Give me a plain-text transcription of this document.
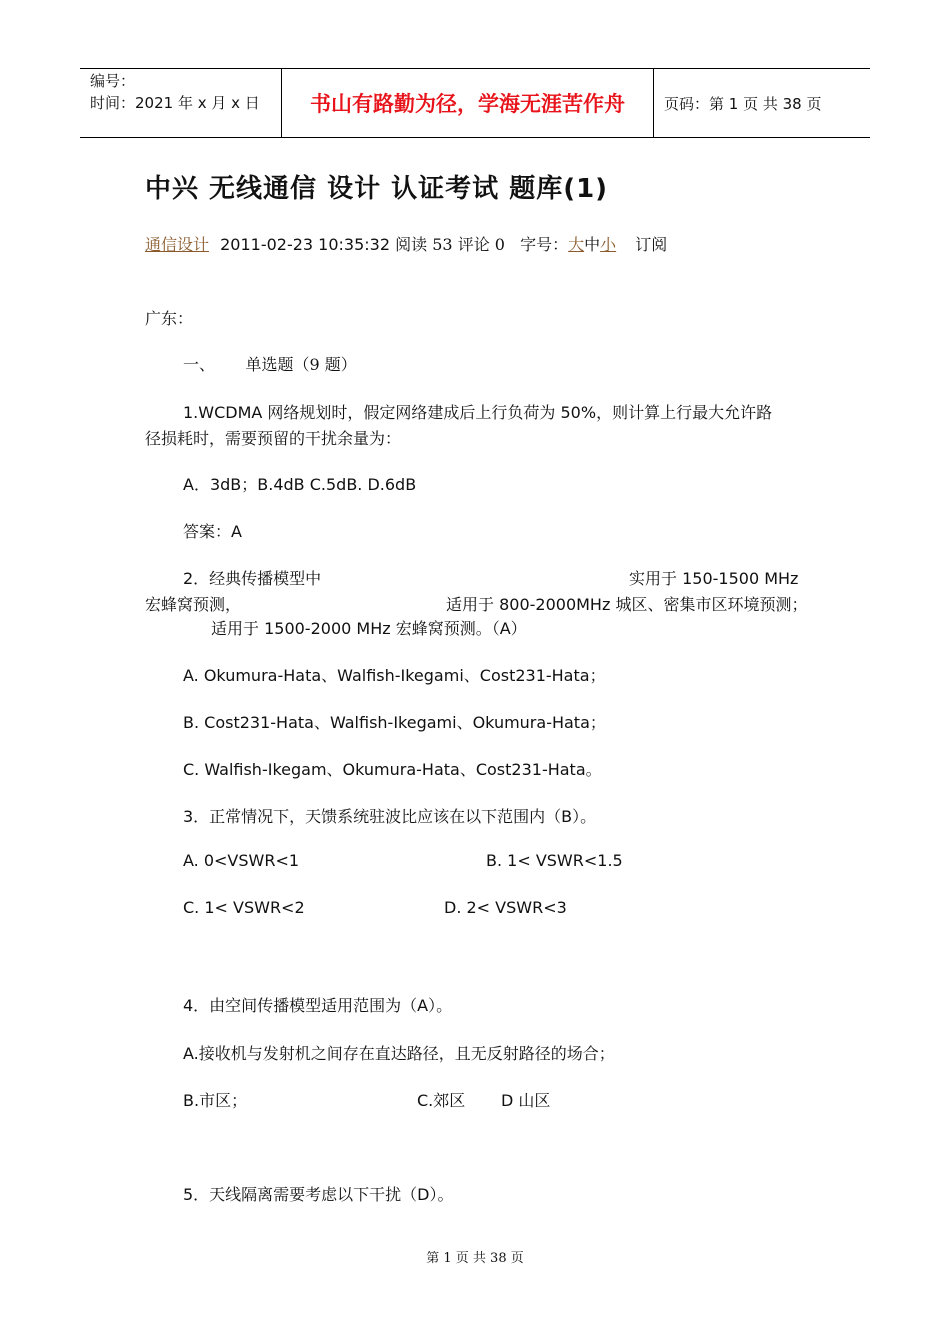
编号：
时间：2021 年 x 月 x 日	书山有路勤为径，学海无涯苦作舟	页码：第 1 页 共 38 页
中兴 无线通信 设计 认证考试 题库(1)
通信设计 2011-02-23 10:35:32 阅读 53 评论 0 字号：大中小 订阅
广东：
一、      单选题（9 题）
1.WCDMA 网络规划时，假定网络建成后上行负荷为 50%，则计算上行最大允许路
径损耗时，需要预留的干扰余量为：
A．3dB；B.4dB C.5dB. D.6dB
答案：A
2．经典传播模型中	实用于 150-1500 MHz
宏蜂窝预测，	适用于 800-2000MHz 城区、密集市区环境预测；
适用于 1500-2000 MHz 宏蜂窝预测。（A）
A. Okumura-Hata、Walfish-Ikegami、Cost231-Hata；
B. Cost231-Hata、Walfish-Ikegami、Okumura-Hata；
C. Walfish-Ikegam、Okumura-Hata、Cost231-Hata。
3．正常情况下，天馈系统驻波比应该在以下范围内（B）。
A. 0<VSWR<1	B. 1< VSWR<1.5
C. 1< VSWR<2	D. 2< VSWR<3
4．由空间传播模型适用范围为（A）。
A.接收机与发射机之间存在直达路径，且无反射路径的场合；
B.市区；	C.郊区 D 山区
5．天线隔离需要考虑以下干扰（D）。
第 1 页 共 38 页
